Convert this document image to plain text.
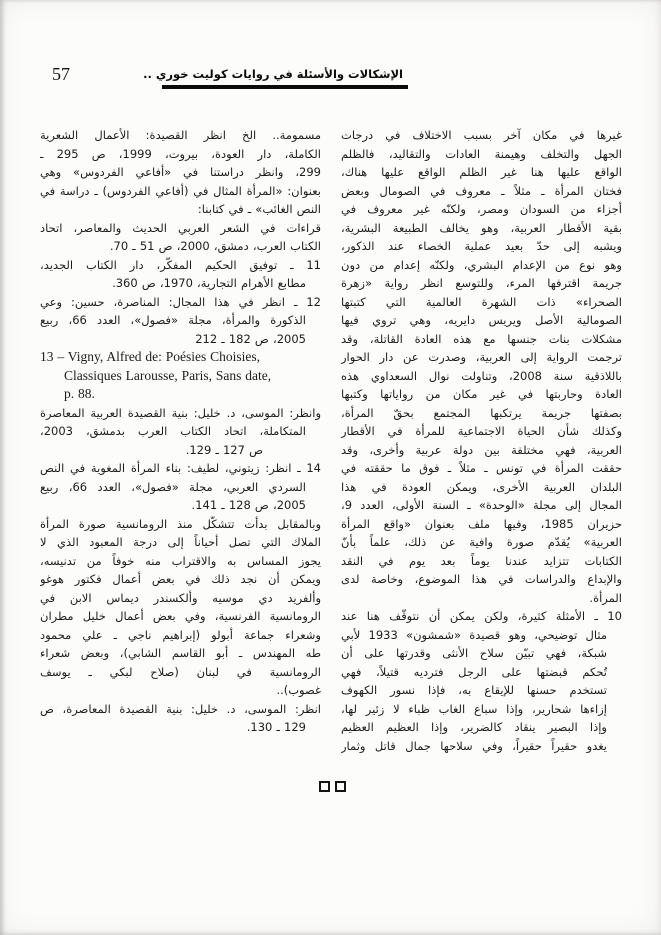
57	الإشكالات والأسئلة في روايات كوليت خوري ..
غيرها في مكان آخر بسبب الاختلاف في درجات
الجهل والتخلف وهيمنة العادات والتقاليد، فالظلم
الواقع عليها هنا غير الظلم الواقع عليها هناك،
فختان المرأة ـ مثلاً ـ معروف في الصومال وبعض
أجزاء من السودان ومصر، ولكنّه غير معروف في
بقية الأقطار العربية، وهو يخالف الطبيعة البشرية،
ويشبه إلى حدّ بعيد عملية الخصاء عند الذكور،
وهو نوع من الإعدام البشري، ولكنّه إعدام من دون
جريمة اقترفها المرء، وللتوسع انظر رواية «زهرة
الصحراء» ذات الشهرة العالمية التي كتبتها
الصومالية الأصل ويريس دايريه، وهي تروي فيها
مشكلات بنات جنسها مع هذه العادة القاتلة، وقد
ترجمت الرواية إلى العربية، وصدرت عن دار الحوار
باللاذقية سنة 2008، وتناولت نوال السعداوي هذه
العادة وحاربتها في غير مكان من رواياتها وكتبها
بصفتها جريمة يرتكبها المجتمع بحقّ المرأة،
وكذلك شأن الحياة الاجتماعية للمرأة في الأقطار
العربية، فهي مختلفة بين دولة عربية وأخرى، وقد
حققت المرأة في تونس ـ مثلاً ـ فوق ما حققته في
البلدان العربية الأخرى، ويمكن العودة في هذا
المجال إلى مجلة «الوحدة» ـ السنة الأولى، العدد 9،
حزيران 1985، وفيها ملف بعنوان «واقع المرأة
العربية» يُقدّم صورة وافية عن ذلك، علماً بأنّ
الكتابات تتزايد عندنا يوماً بعد يوم في النقد
والإبداع والدراسات في هذا الموضوع، وخاصة لدى
المرأة.
10 ـ الأمثلة كثيرة، ولكن يمكن أن نتوقّف هنا عند
مثال توضيحي، وهو قصيدة «شمشون» 1933 لأبي
شبكة، فهي تبيّن سلاح الأنثى وقدرتها على أن
تُحكم قبضتها على الرجل فترديه قتيلاً، فهي
تستخدم حسنها للإيقاع به، فإذا نسور الكهوف
إزاءها شحارير، وإذا سباع الغاب ظباء لا زئير لها،
وإذا البصير ينقاد كالضرير، وإذا العظيم العظيم
يغدو حقيراً حقيراً، وفي سلاحها جمال قاتل وثمار
مسمومة.. الخ انظر القصيدة: الأعمال الشعرية
الكاملة، دار العودة، بيروت، 1999، ص 295 ـ
299، وانظر دراستنا في «أفاعي الفردوس» وهي
بعنوان: «المرأة المثال في (أفاعي الفردوس) ـ دراسة في
النص الغائب» ـ في كتابنا:
قراءات في الشعر العربي الحديث والمعاصر، اتحاد
الكتاب العرب، دمشق، 2000، ص 51 ـ 70.
11 ـ توفيق الحكيم المفكّر، دار الكتاب الجديد،
مطابع الأهرام التجارية، 1970، ص 360.
12 ـ انظر في هذا المجال: المناصرة، حسين: وعي
الذكورة والمرأة، مجلة «فصول»، العدد 66، ربيع
2005، ص 182 ـ 212
13 – Vigny, Alfred de: Poésies Choisies,
Classiques Larousse, Paris, Sans date,
p. 88.
وانظر: الموسى، د. خليل: بنية القصيدة العربية المعاصرة
المتكاملة، اتحاد الكتاب العرب بدمشق، 2003،
ص 127 ـ 129.
14 ـ انظر: زيتوني، لطيف: بناء المرأة المغوية في النص
السردي العربي، مجلة «فصول»، العدد 66، ربيع
2005، ص 128 ـ 141.
وبالمقابل بدأت تتشكّل منذ الرومانسية صورة المرأة
الملاك التي تصل أحياناً إلى درجة المعبود الذي لا
يجوز المساس به والاقتراب منه خوفاً من تدنيسه،
ويمكن أن نجد ذلك في بعض أعمال فكتور هوغو
وألفريد دي موسيه وألكسندر ديماس الابن في
الرومانسية الفرنسية، وفي بعض أعمال خليل مطران
وشعراء جماعة أبولو (إبراهيم ناجي ـ علي محمود
طه المهندس ـ أبو القاسم الشابي)، وبعض شعراء
الرومانسية في لبنان (صلاح لبكي ـ يوسف
غصوب)..
انظر: الموسى، د. خليل: بنية القصيدة المعاصرة، ص
129 ـ 130.
